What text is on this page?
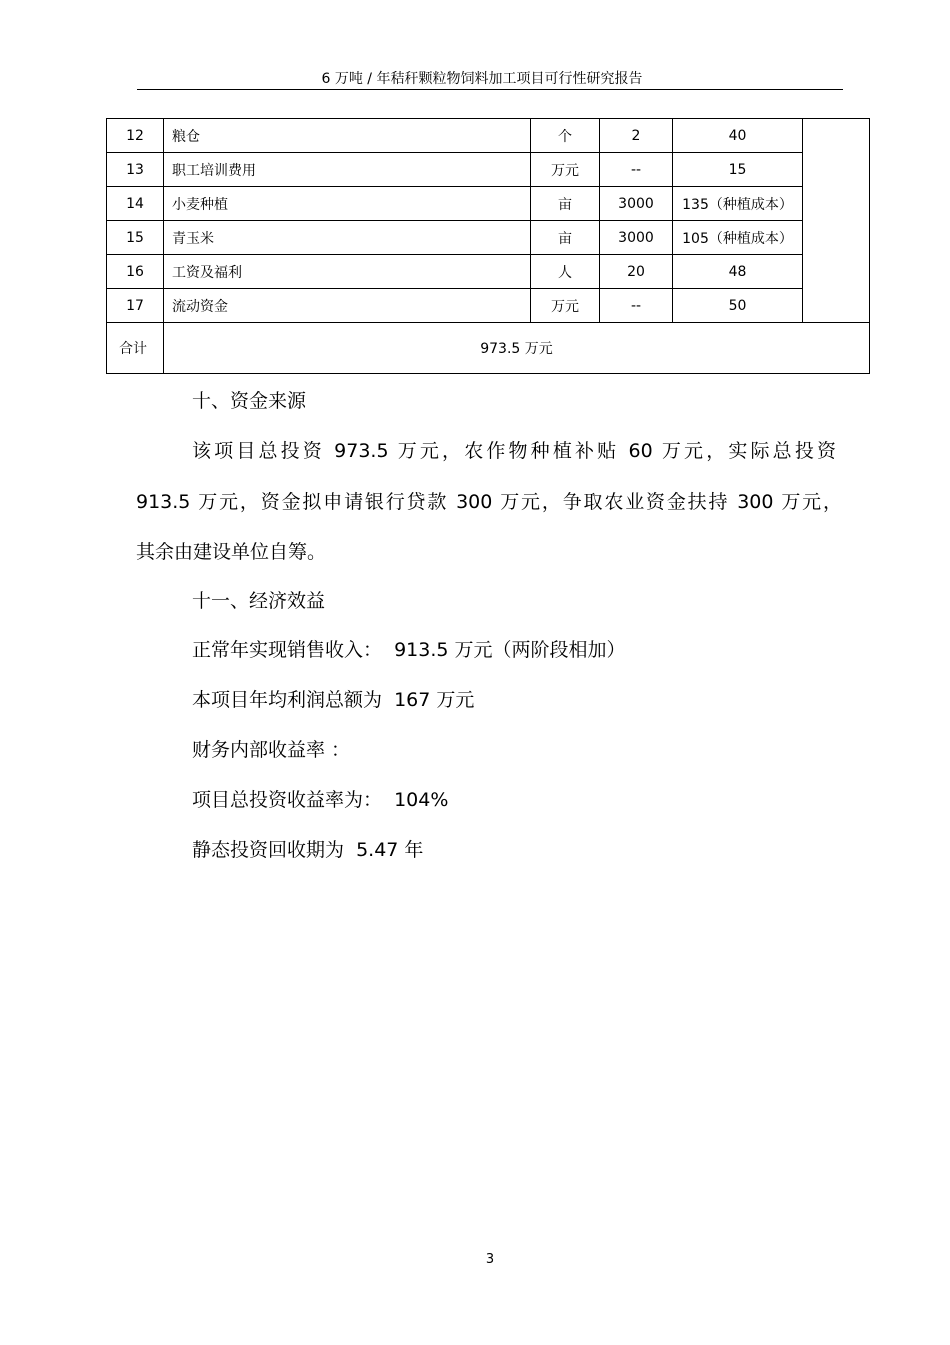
6 万吨 / 年秸秆颗粒物饲料加工项目可行性研究报告
12	粮仓	个	2	40	
13	职工培训费用	万元	--	15	
14	小麦种植	亩	3000	135（种植成本）	
15	青玉米	亩	3000	105（种植成本）	
16	工资及福利	人	20	48	
17	流动资金	万元	--	50	
合计	973.5 万元				
十、资金来源
该项目总投资 973.5 万元，农作物种植补贴 60 万元，实际总投资
913.5 万元，资金拟申请银行贷款 300 万元，争取农业资金扶持 300 万元，
其余由建设单位自筹。
十一、经济效益
正常年实现销售收入：  913.5 万元（两阶段相加）
本项目年均利润总额为  167 万元
财务内部收益率 ：
项目总投资收益率为：  104%
静态投资回收期为  5.47 年
3
